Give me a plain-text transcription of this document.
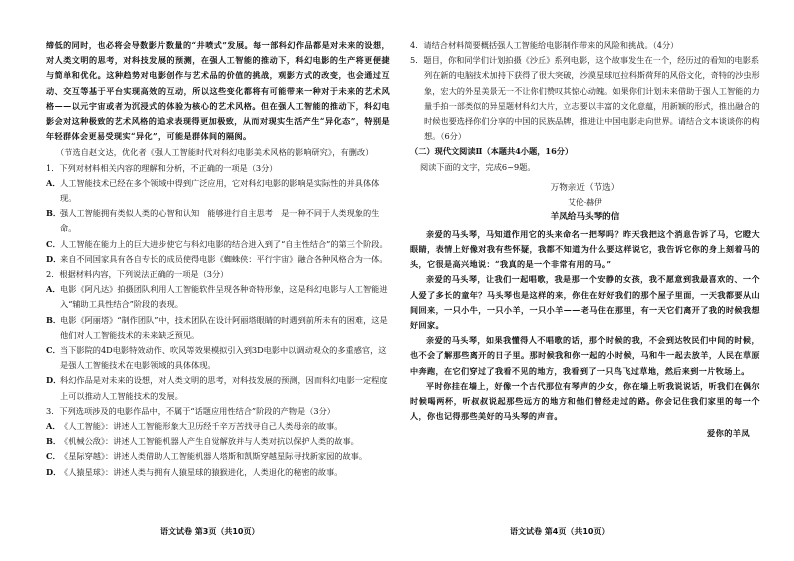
缔低的同时，也必将会导数影片数量的“井喷式”发展。每一部科幻作品都是对未来的设想，对人类文明的思考，对科技发展的预测，在强人工智能的推动下，科幻电影的生产将更便捷与简单和优化。这种趋势对电影创作与艺术品的价值的挑战，观影方式的改变，也会通过互动、交互等基于平台实现高效的互动，所以这些变化都将有可能带来一种对于未来的艺术风格——以元宇宙或者为沉浸式的体验为核心的艺术风格。但在强人工智能的推动下，科幻电影会对这种极致的艺术风格的追求表现得更加极致，从而对现实生活产生“异化态”，特别是年轻群体会更易受现实“异化”，可能是群体间的隔阂。

（节选自赵文达，优化者《强人工智能时代对科幻电影美术风格的影响研究》，有删改）

1．下列对材料相关内容的理解和分析，不正确的一项是（3分）

A．人工智能技术已经在多个领域中得到广泛应用，它对科幻电影的影响是实际性的并具体体现。

B．强人工智能拥有类似人类的心智和认知　能够进行自主思考　是一种不同于人类现象的生命。

C．人工智能在能力上的巨大进步使它与科幻电影的结合进入到了“自主性结合”的第三个阶段。

D．来自不同国家具有各自专长的成员使得电影《蜘蛛侠：平行宇宙》融合各种风格合为一体。

2．根据材料内容，下列说法正确的一项是（3分）

A．电影《阿凡达》拍摄团队利用人工智能软件呈现各种奇特形象，这是科幻电影与人工智能进入“辅助工具性结合”阶段的表现。

B．电影《阿丽塔》“制作团队”中，技术团队在设计阿丽塔眼睛的时遇到前所未有的困难，这是他们对人工智能技术的未来缺乏预见。

C．当下影院的4D电影特效动作、吹风等效果模拟引入到3D电影中以调动观众的多重感官，这是强人工智能技术在电影领域的具体体现。

D．科幻作品是对未来的设想，对人类文明的思考，对科技发展的预测，因而科幻电影一定程度上可以推动人工智能技术的发展。

3．下列选项涉及的电影作品中，不属于“话题应用性结合”阶段的产物是（3分）

A．《人工智能》：讲述人工智能形象大卫历经千辛万苦找寻自己人类母亲的故事。

B．《机械公敌》：讲述人工智能机器人产生自觉解放并与人类对抗以保护人类的故事。

C．《星际穿越》：讲述人类借助人工智能机器人塔斯和凯斯穿越星际寻找新家园的故事。

D．《人猿星球》：讲述人类与拥有人猿星球的猿猴进化，人类退化的秘密的故事。

语文试卷 第3页（共10页）

4．请结合材料简要概括强人工智能给电影制作带来的风险和挑战。（4分）

5．题目，你和同学们计划拍摄《沙丘》系列电影，这个故事发生在一个，经历过的看知的电影系列在新的电脑技术加持下获得了很大突破，沙漠星球厄拉科斯荷拜的风俗文化，奇特的沙虫形象，宏大的外星美景无一不让你们赞叹其惊心动魄。如果你们计划未来借助于强人工智能的力量手拍一部类似的异星题材科幻大片，立志要以丰富的文化意蕴，用新颖的形式，推出融合的时候也要选择你们分享的中国的民族品牌，推进让中国电影走向世界。请结合文本谈谈你的构想。（6分）

（二）现代文阅读Ⅱ（本题共4小题，16分）

阅读下面的文字，完成6~9题。

万物亲近（节选）

艾伦·赫伊

羊凤给马头琴的信

亲爱的马头琴，马知道作用它的头来命名一把琴吗？昨天我把这个消息告诉了马，它瞪大眼睛，表情上好像对我有些怀疑，我都不知道为什么要这样说它，我告诉它你的身上刻着马的头，它很是高兴地说：“我真的是一个非常有用的马。”

亲爱的马头琴，让我们一起唱歌，我是那一个安静的女孩，我不愿意到我最喜欢的、一个人爱了多长的童年？马头琴也是这样的来，你住在好好我们的那个屋子里面，一天我都要从山间回来，一只小牛，一只小羊，一只小羊——老马住在那里，有一天它们离开了我的时候我想好回家。

亲爱的马头琴，如果我懂得人不唱歌的话，那个时候的我，不会到达牧民们中间的时候，也不会了解那些离开的日子里。那时候我和你一起的小时候，马和牛一起去放羊，人民在草原中奔跑，在它们穿过了我看不见的地方，我看到了一只鸟飞过草地，然后来到一片牧场上。

平时你挂在墙上，好像一个古代那位有琴声的少女，你在墙上听我说说话，听我们在偶尔时候喝两杯，听叔叔说起那些远方的地方和他们曾经走过的路。你会记住我们家里的每一个人，你也记得那些美好的马头琴的声音。

爱你的羊凤

语文试卷 第4页（共10页）
